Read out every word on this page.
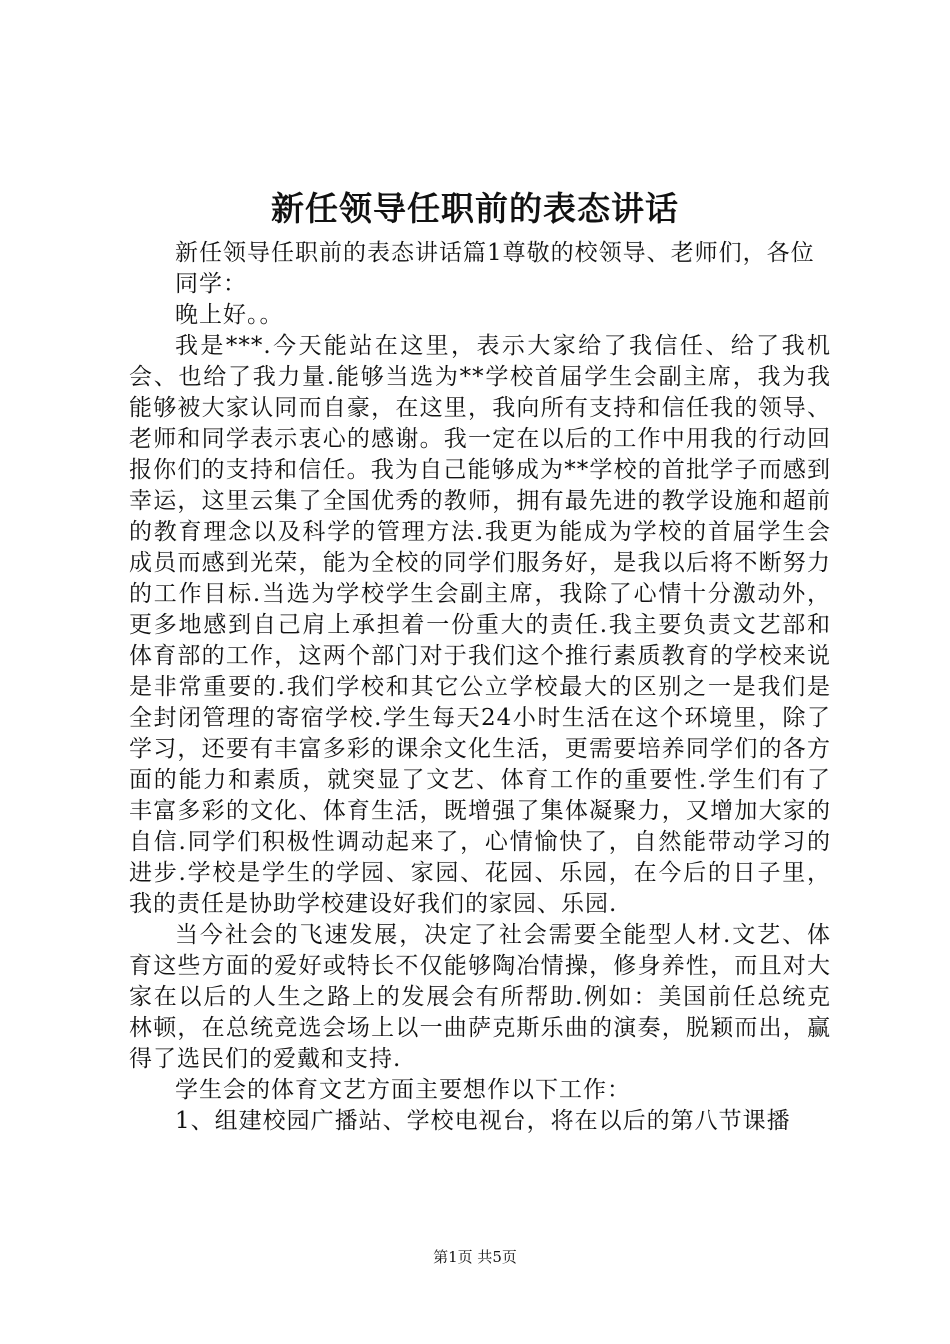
新任领导任职前的表态讲话

新任领导任职前的表态讲话篇1尊敬的校领导、老师们，各位

同学：

晚上好。。

我是***.今天能站在这里，表示大家给了我信任、给了我机会、也给了我力量.能够当选为**学校首届学生会副主席，我为我能够被大家认同而自豪，在这里，我向所有支持和信任我的领导、老师和同学表示衷心的感谢。我一定在以后的工作中用我的行动回报你们的支持和信任。我为自己能够成为**学校的首批学子而感到幸运，这里云集了全国优秀的教师，拥有最先进的教学设施和超前的教育理念以及科学的管理方法.我更为能成为学校的首届学生会成员而感到光荣，能为全校的同学们服务好，是我以后将不断努力的工作目标.当选为学校学生会副主席，我除了心情十分激动外，更多地感到自己肩上承担着一份重大的责任.我主要负责文艺部和体育部的工作，这两个部门对于我们这个推行素质教育的学校来说是非常重要的.我们学校和其它公立学校最大的区别之一是我们是全封闭管理的寄宿学校.学生每天24小时生活在这个环境里，除了学习，还要有丰富多彩的课余文化生活，更需要培养同学们的各方面的能力和素质，就突显了文艺、体育工作的重要性.学生们有了丰富多彩的文化、体育生活，既增强了集体凝聚力，又增加大家的自信.同学们积极性调动起来了，心情愉快了，自然能带动学习的进步.学校是学生的学园、家园、花园、乐园，在今后的日子里，我的责任是协助学校建设好我们的家园、乐园.

当今社会的飞速发展，决定了社会需要全能型人材.文艺、体育这些方面的爱好或特长不仅能够陶冶情操，修身养性，而且对大家在以后的人生之路上的发展会有所帮助.例如：美国前任总统克林顿，在总统竞选会场上以一曲萨克斯乐曲的演奏，脱颖而出，赢得了选民们的爱戴和支持.

学生会的体育文艺方面主要想作以下工作：

1、组建校园广播站、学校电视台，将在以后的第八节课播

第1页 共5页
